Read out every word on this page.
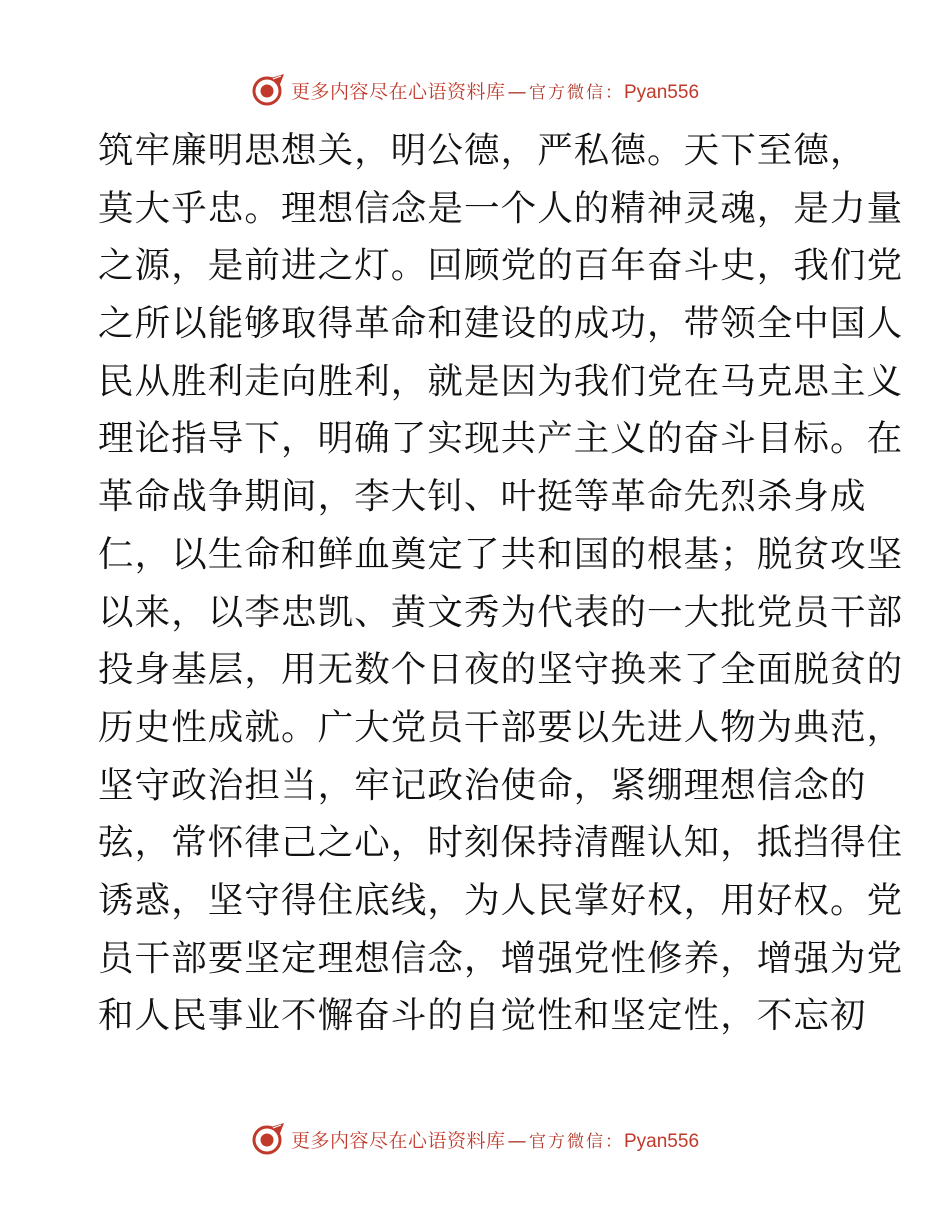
更多内容尽在心语资料库 — 官方微信：Pyan556
筑牢廉明思想关，明公德，严私德。天下至德，
莫大乎忠。理想信念是一个人的精神灵魂，是力量
之源，是前进之灯。回顾党的百年奋斗史，我们党
之所以能够取得革命和建设的成功，带领全中国人
民从胜利走向胜利，就是因为我们党在马克思主义
理论指导下，明确了实现共产主义的奋斗目标。在
革命战争期间，李大钊、叶挺等革命先烈杀身成
仁，以生命和鲜血奠定了共和国的根基；脱贫攻坚
以来，以李忠凯、黄文秀为代表的一大批党员干部
投身基层，用无数个日夜的坚守换来了全面脱贫的
历史性成就。广大党员干部要以先进人物为典范，
坚守政治担当，牢记政治使命，紧绷理想信念的
弦，常怀律己之心，时刻保持清醒认知，抵挡得住
诱惑，坚守得住底线，为人民掌好权，用好权。党
员干部要坚定理想信念，增强党性修养，增强为党
和人民事业不懈奋斗的自觉性和坚定性，不忘初
更多内容尽在心语资料库 — 官方微信：Pyan556
